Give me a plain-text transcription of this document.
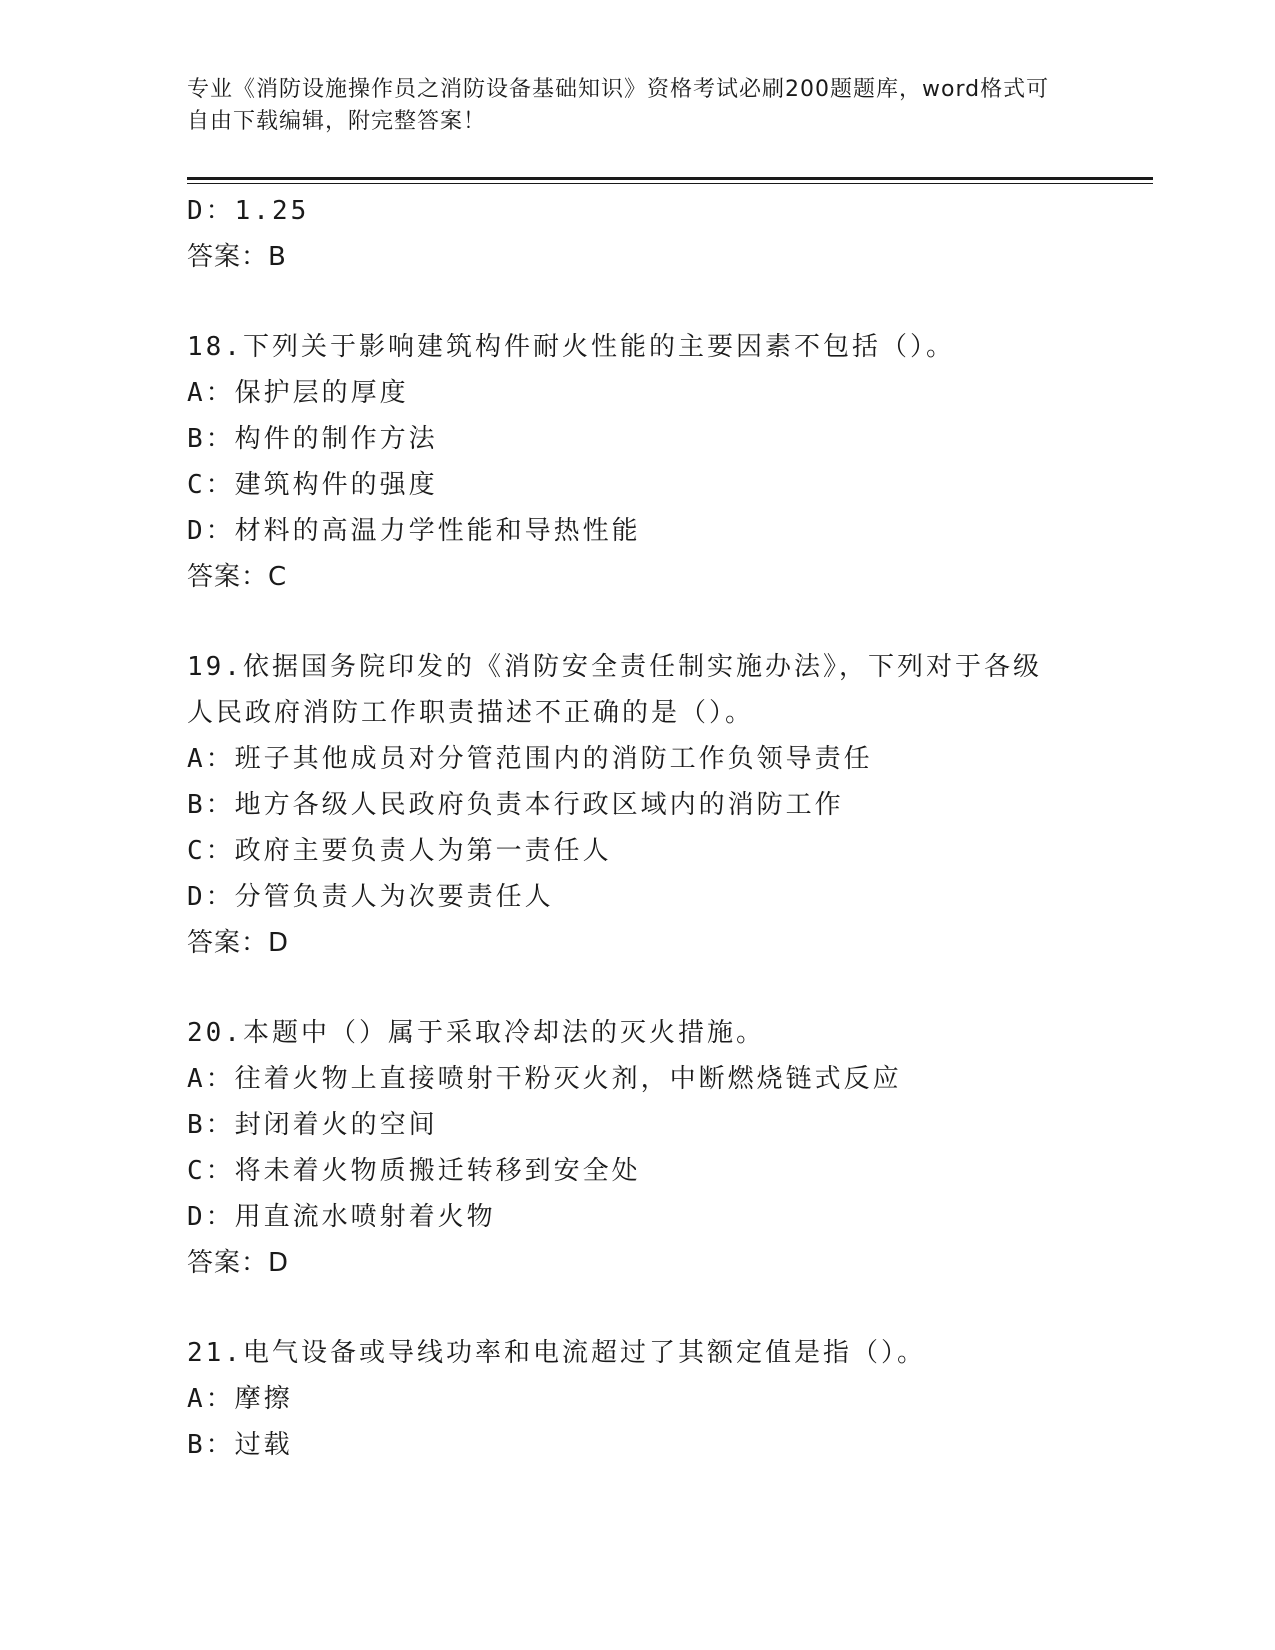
专业《消防设施操作员之消防设备基础知识》资格考试必刷200题题库，word格式可自由下载编辑，附完整答案！
D：1.25
答案：B
18.下列关于影响建筑构件耐火性能的主要因素不包括（）。
A：保护层的厚度
B：构件的制作方法
C：建筑构件的强度
D：材料的高温力学性能和导热性能
答案：C
19.依据国务院印发的《消防安全责任制实施办法》，下列对于各级人民政府消防工作职责描述不正确的是（）。
A：班子其他成员对分管范围内的消防工作负领导责任
B：地方各级人民政府负责本行政区域内的消防工作
C：政府主要负责人为第一责任人
D：分管负责人为次要责任人
答案：D
20.本题中（）属于采取冷却法的灭火措施。
A：往着火物上直接喷射干粉灭火剂，中断燃烧链式反应
B：封闭着火的空间
C：将未着火物质搬迁转移到安全处
D：用直流水喷射着火物
答案：D
21.电气设备或导线功率和电流超过了其额定值是指（）。
A：摩擦
B：过载
